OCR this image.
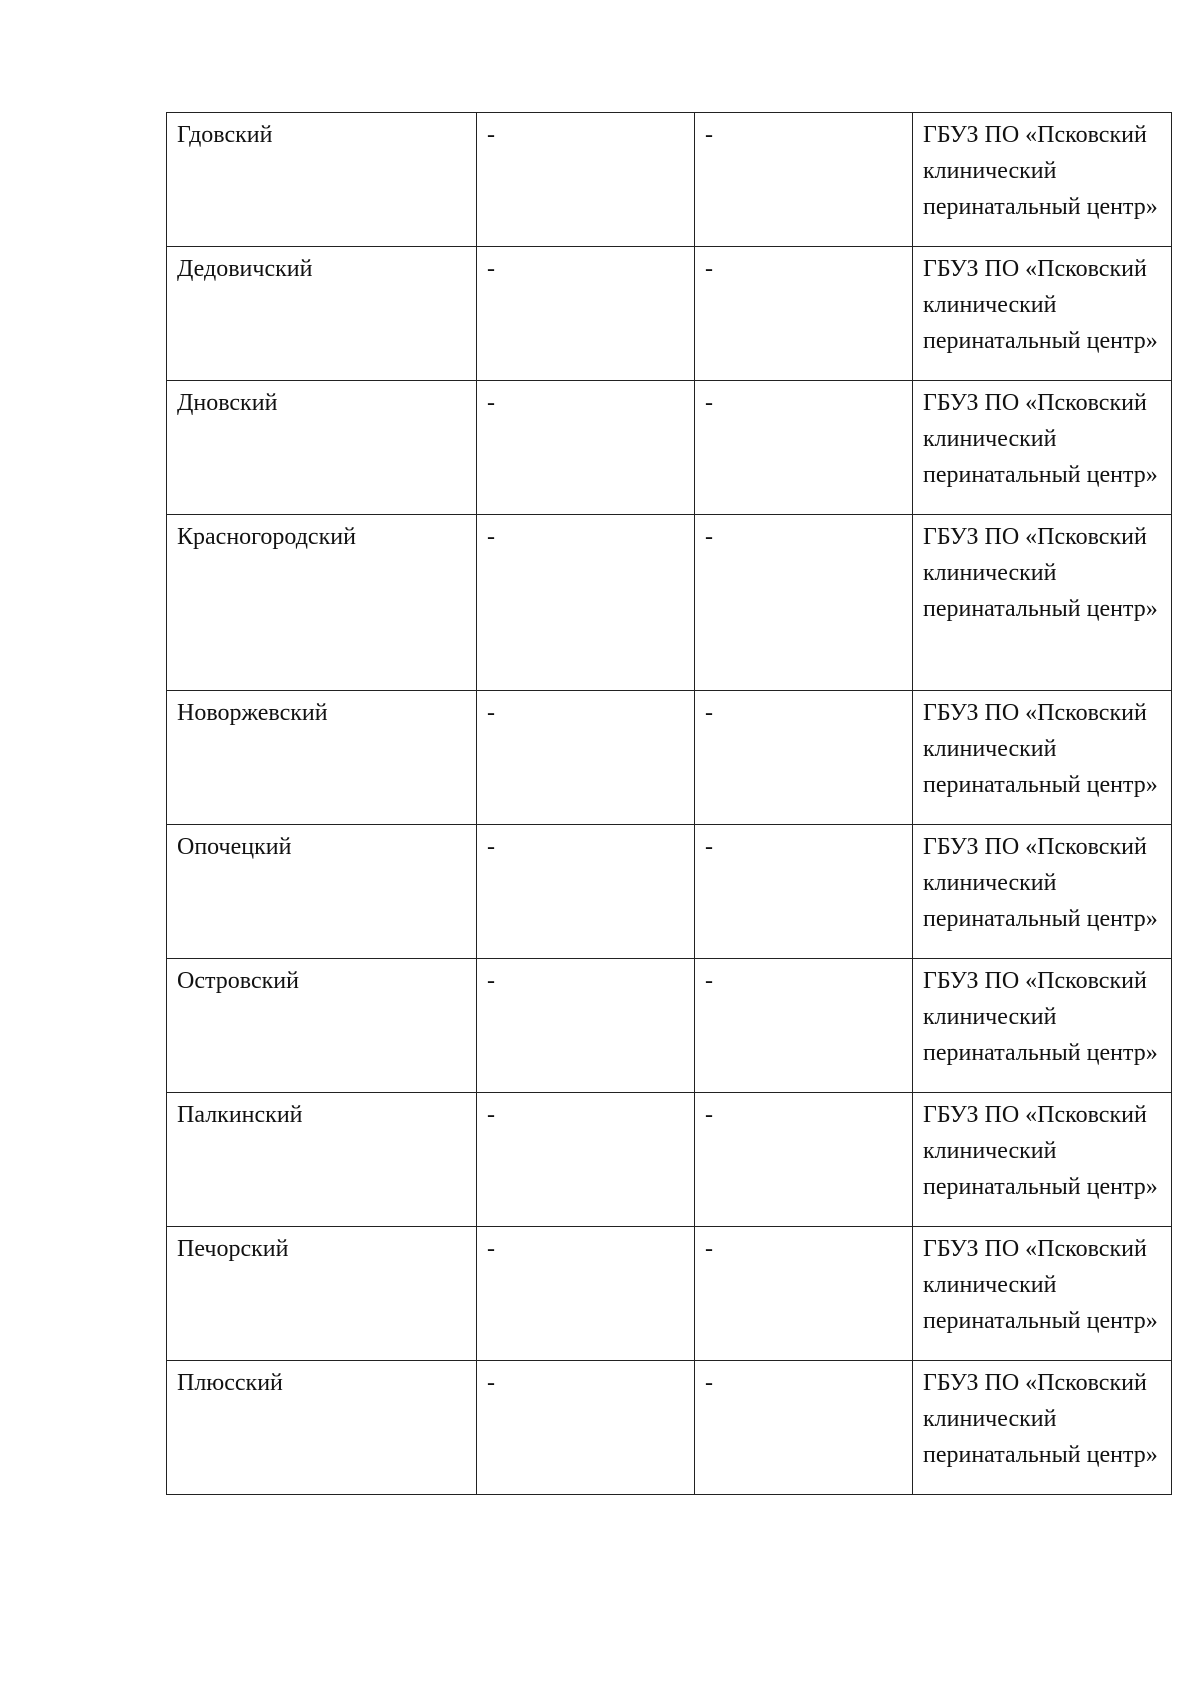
Гдовский	-	-	ГБУЗ ПО «Псковский клинический перинатальный центр»

Дедовичский	-	-	ГБУЗ ПО «Псковский клинический перинатальный центр»

Дновский	-	-	ГБУЗ ПО «Псковский клинический перинатальный центр»

Красногородский	-	-	ГБУЗ ПО «Псковский клинический перинатальный центр»

Новоржевский	-	-	ГБУЗ ПО «Псковский клинический перинатальный центр»

Опочецкий	-	-	ГБУЗ ПО «Псковский клинический перинатальный центр»

Островский	-	-	ГБУЗ ПО «Псковский клинический перинатальный центр»

Палкинский	-	-	ГБУЗ ПО «Псковский клинический перинатальный центр»

Печорский	-	-	ГБУЗ ПО «Псковский клинический перинатальный центр»

Плюсский	-	-	ГБУЗ ПО «Псковский клинический перинатальный центр»
